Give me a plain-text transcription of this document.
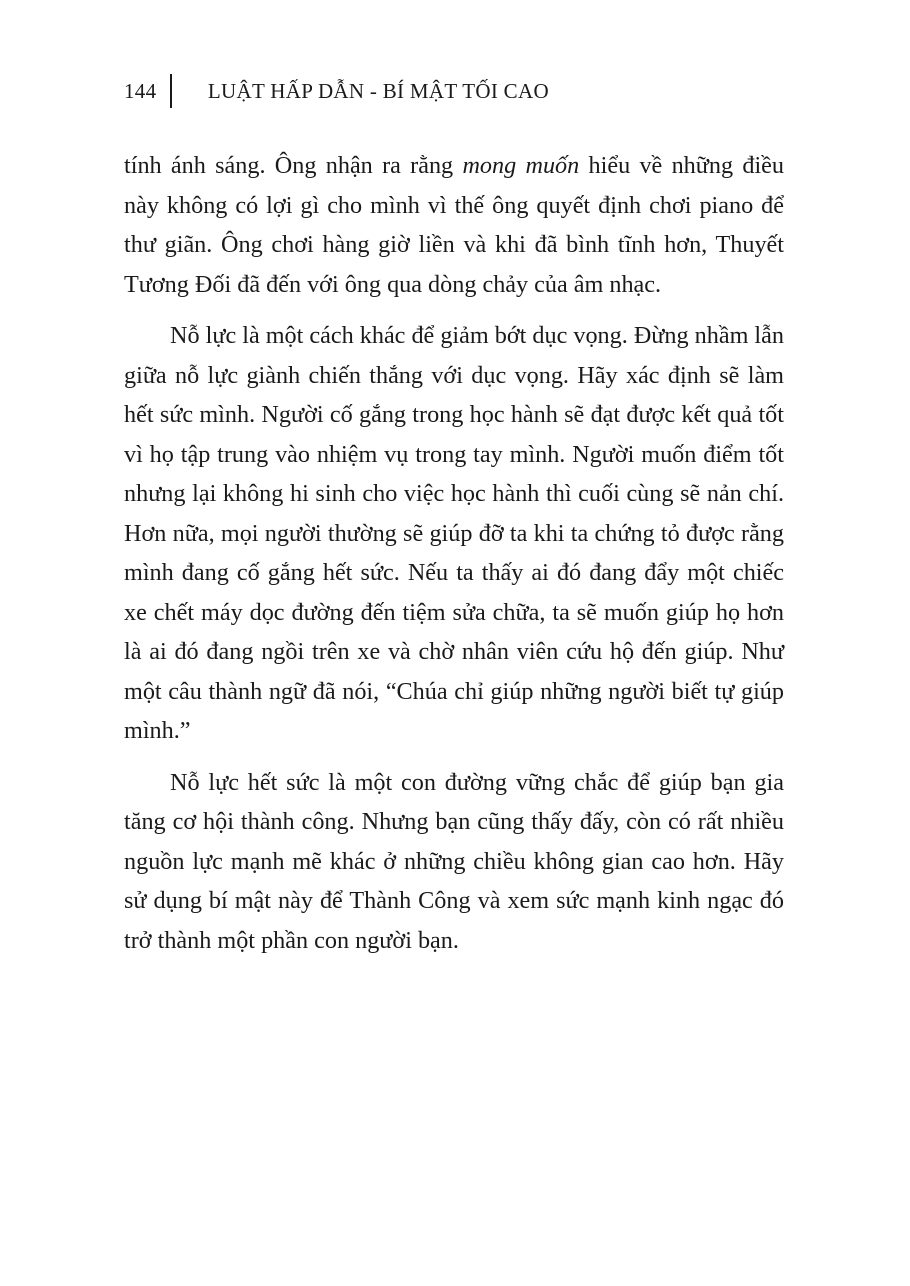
144	LUẬT HẤP DẪN - BÍ MẬT TỐI CAO

tính ánh sáng. Ông nhận ra rằng mong muốn hiểu về những điều này không có lợi gì cho mình vì thế ông quyết định chơi piano để thư giãn. Ông chơi hàng giờ liền và khi đã bình tĩnh hơn, Thuyết Tương Đối đã đến với ông qua dòng chảy của âm nhạc.

Nỗ lực là một cách khác để giảm bớt dục vọng. Đừng nhầm lẫn giữa nỗ lực giành chiến thắng với dục vọng. Hãy xác định sẽ làm hết sức mình. Người cố gắng trong học hành sẽ đạt được kết quả tốt vì họ tập trung vào nhiệm vụ trong tay mình. Người muốn điểm tốt nhưng lại không hi sinh cho việc học hành thì cuối cùng sẽ nản chí. Hơn nữa, mọi người thường sẽ giúp đỡ ta khi ta chứng tỏ được rằng mình đang cố gắng hết sức. Nếu ta thấy ai đó đang đẩy một chiếc xe chết máy dọc đường đến tiệm sửa chữa, ta sẽ muốn giúp họ hơn là ai đó đang ngồi trên xe và chờ nhân viên cứu hộ đến giúp. Như một câu thành ngữ đã nói, “Chúa chỉ giúp những người biết tự giúp mình.”

Nỗ lực hết sức là một con đường vững chắc để giúp bạn gia tăng cơ hội thành công. Nhưng bạn cũng thấy đấy, còn có rất nhiều nguồn lực mạnh mẽ khác ở những chiều không gian cao hơn. Hãy sử dụng bí mật này để Thành Công và xem sức mạnh kinh ngạc đó trở thành một phần con người bạn.
